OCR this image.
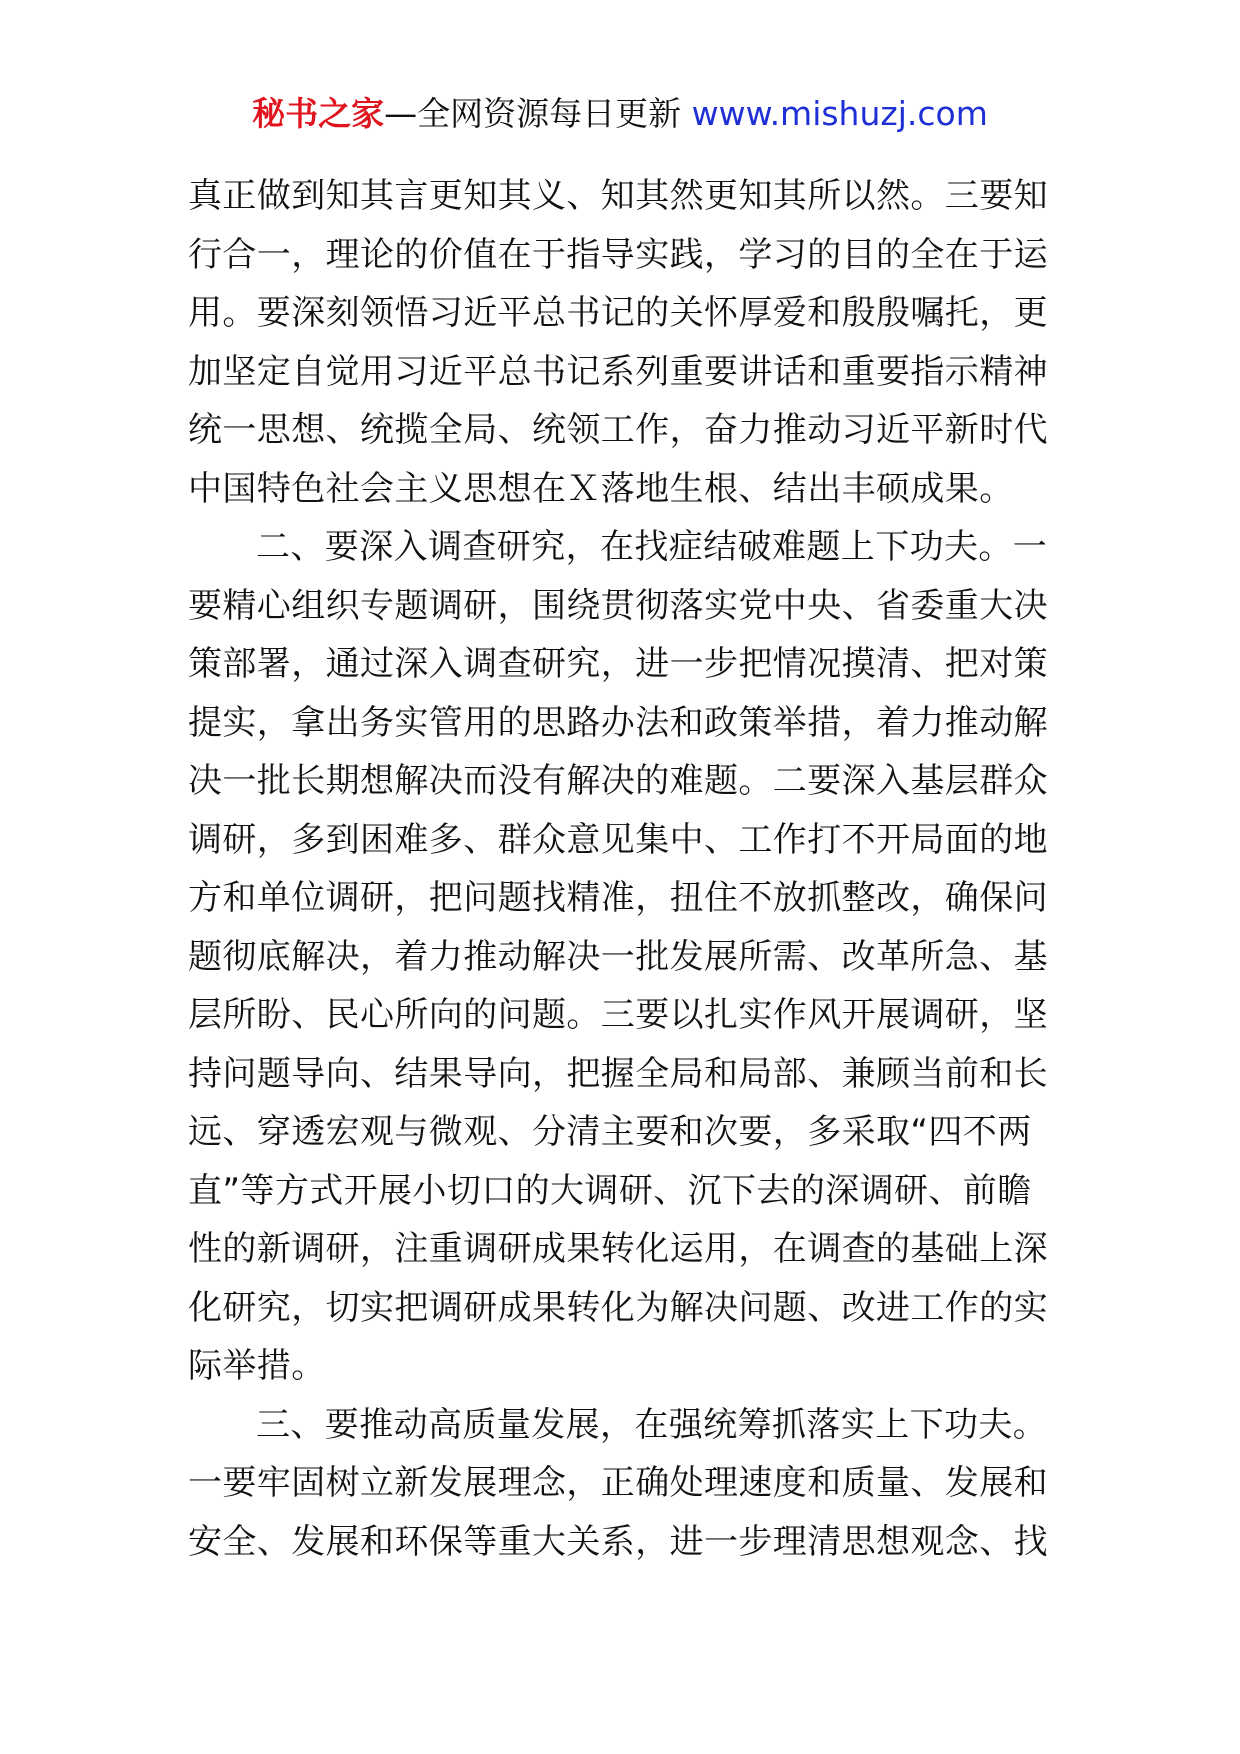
秘书之家—全网资源每日更新 www.mishuzj.com
真正做到知其言更知其义、知其然更知其所以然。三要知
行合一，理论的价值在于指导实践，学习的目的全在于运
用。要深刻领悟习近平总书记的关怀厚爱和殷殷嘱托，更
加坚定自觉用习近平总书记系列重要讲话和重要指示精神
统一思想、统揽全局、统领工作，奋力推动习近平新时代
中国特色社会主义思想在Ｘ落地生根、结出丰硕成果。
二、要深入调查研究，在找症结破难题上下功夫。一
要精心组织专题调研，围绕贯彻落实党中央、省委重大决
策部署，通过深入调查研究，进一步把情况摸清、把对策
提实，拿出务实管用的思路办法和政策举措，着力推动解
决一批长期想解决而没有解决的难题。二要深入基层群众
调研，多到困难多、群众意见集中、工作打不开局面的地
方和单位调研，把问题找精准，扭住不放抓整改，确保问
题彻底解决，着力推动解决一批发展所需、改革所急、基
层所盼、民心所向的问题。三要以扎实作风开展调研，坚
持问题导向、结果导向，把握全局和局部、兼顾当前和长
远、穿透宏观与微观、分清主要和次要，多采取“四不两
直”等方式开展小切口的大调研、沉下去的深调研、前瞻
性的新调研，注重调研成果转化运用，在调查的基础上深
化研究，切实把调研成果转化为解决问题、改进工作的实
际举措。
三、要推动高质量发展，在强统筹抓落实上下功夫。
一要牢固树立新发展理念，正确处理速度和质量、发展和
安全、发展和环保等重大关系，进一步理清思想观念、找
